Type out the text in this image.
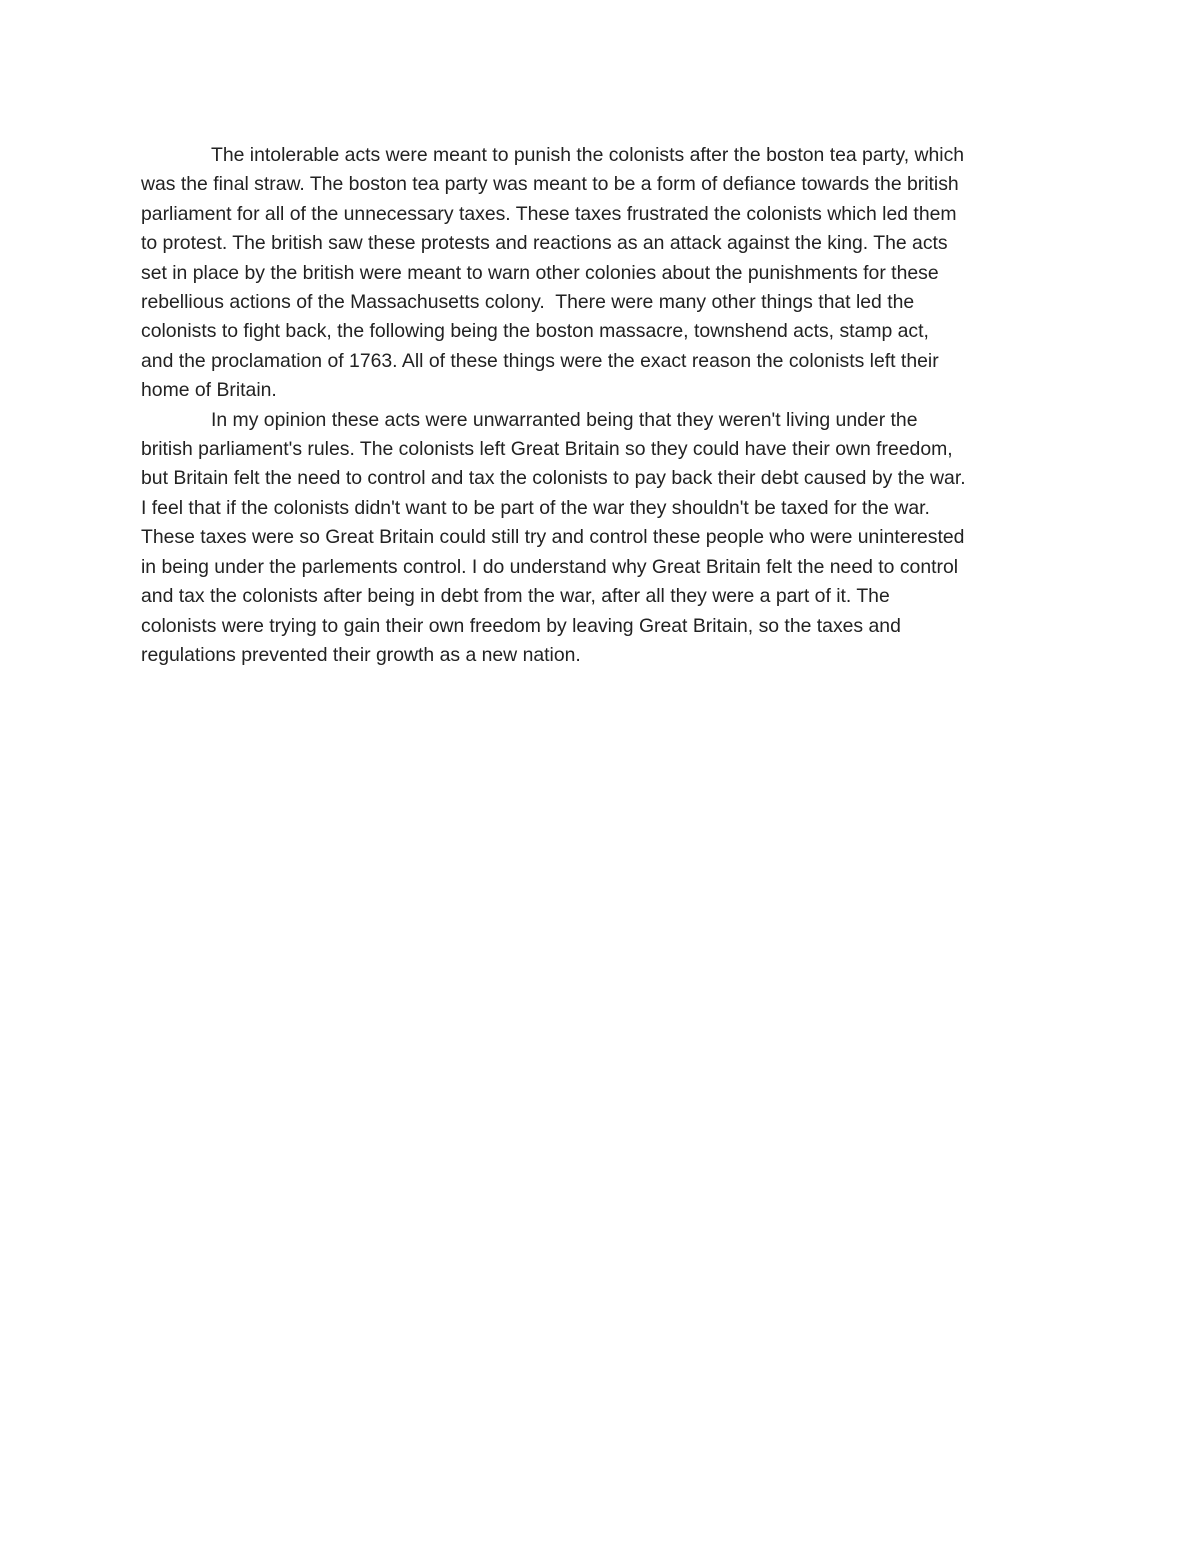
The intolerable acts were meant to punish the colonists after the boston tea party, which
was the final straw. The boston tea party was meant to be a form of defiance towards the british
parliament for all of the unnecessary taxes. These taxes frustrated the colonists which led them
to protest. The british saw these protests and reactions as an attack against the king. The acts
set in place by the british were meant to warn other colonies about the punishments for these
rebellious actions of the Massachusetts colony.  There were many other things that led the
colonists to fight back, the following being the boston massacre, townshend acts, stamp act,
and the proclamation of 1763. All of these things were the exact reason the colonists left their
home of Britain.
In my opinion these acts were unwarranted being that they weren't living under the
british parliament's rules. The colonists left Great Britain so they could have their own freedom,
but Britain felt the need to control and tax the colonists to pay back their debt caused by the war.
I feel that if the colonists didn't want to be part of the war they shouldn't be taxed for the war.
These taxes were so Great Britain could still try and control these people who were uninterested
in being under the parlements control. I do understand why Great Britain felt the need to control
and tax the colonists after being in debt from the war, after all they were a part of it. The
colonists were trying to gain their own freedom by leaving Great Britain, so the taxes and
regulations prevented their growth as a new nation.
